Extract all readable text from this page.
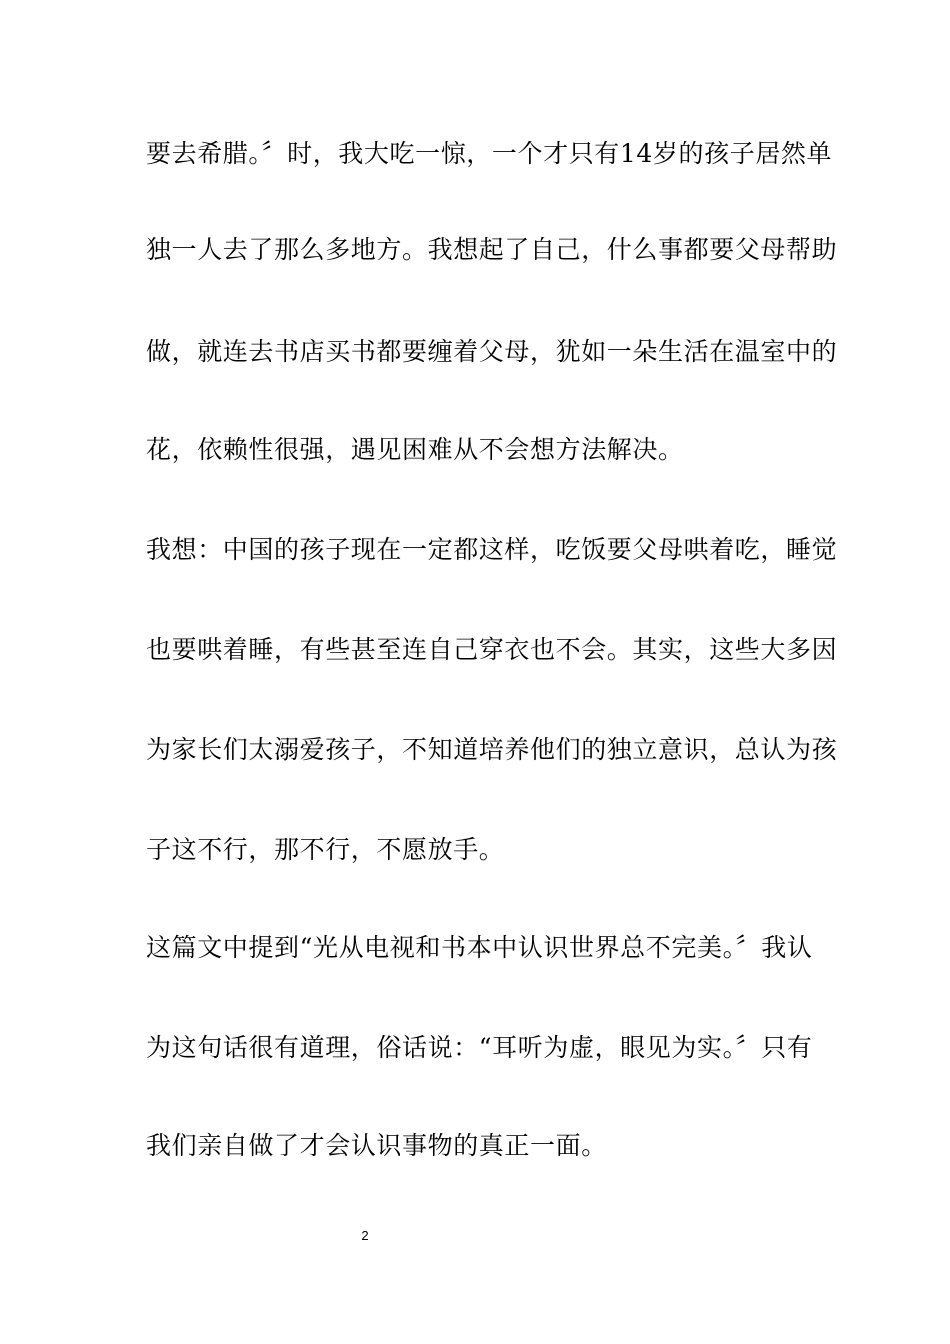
要去希腊。〞时，我大吃一惊，一个才只有14岁的孩子居然单
独一人去了那么多地方。我想起了自己，什么事都要父母帮助
做，就连去书店买书都要缠着父母，犹如一朵生活在温室中的
花，依赖性很强，遇见困难从不会想方法解决。
我想：中国的孩子现在一定都这样，吃饭要父母哄着吃，睡觉
也要哄着睡，有些甚至连自己穿衣也不会。其实，这些大多因
为家长们太溺爱孩子，不知道培养他们的独立意识，总认为孩
子这不行，那不行，不愿放手。
这篇文中提到“光从电视和书本中认识世界总不完美。〞我认
为这句话很有道理，俗话说：“耳听为虚，眼见为实。〞只有
我们亲自做了才会认识事物的真正一面。
2
